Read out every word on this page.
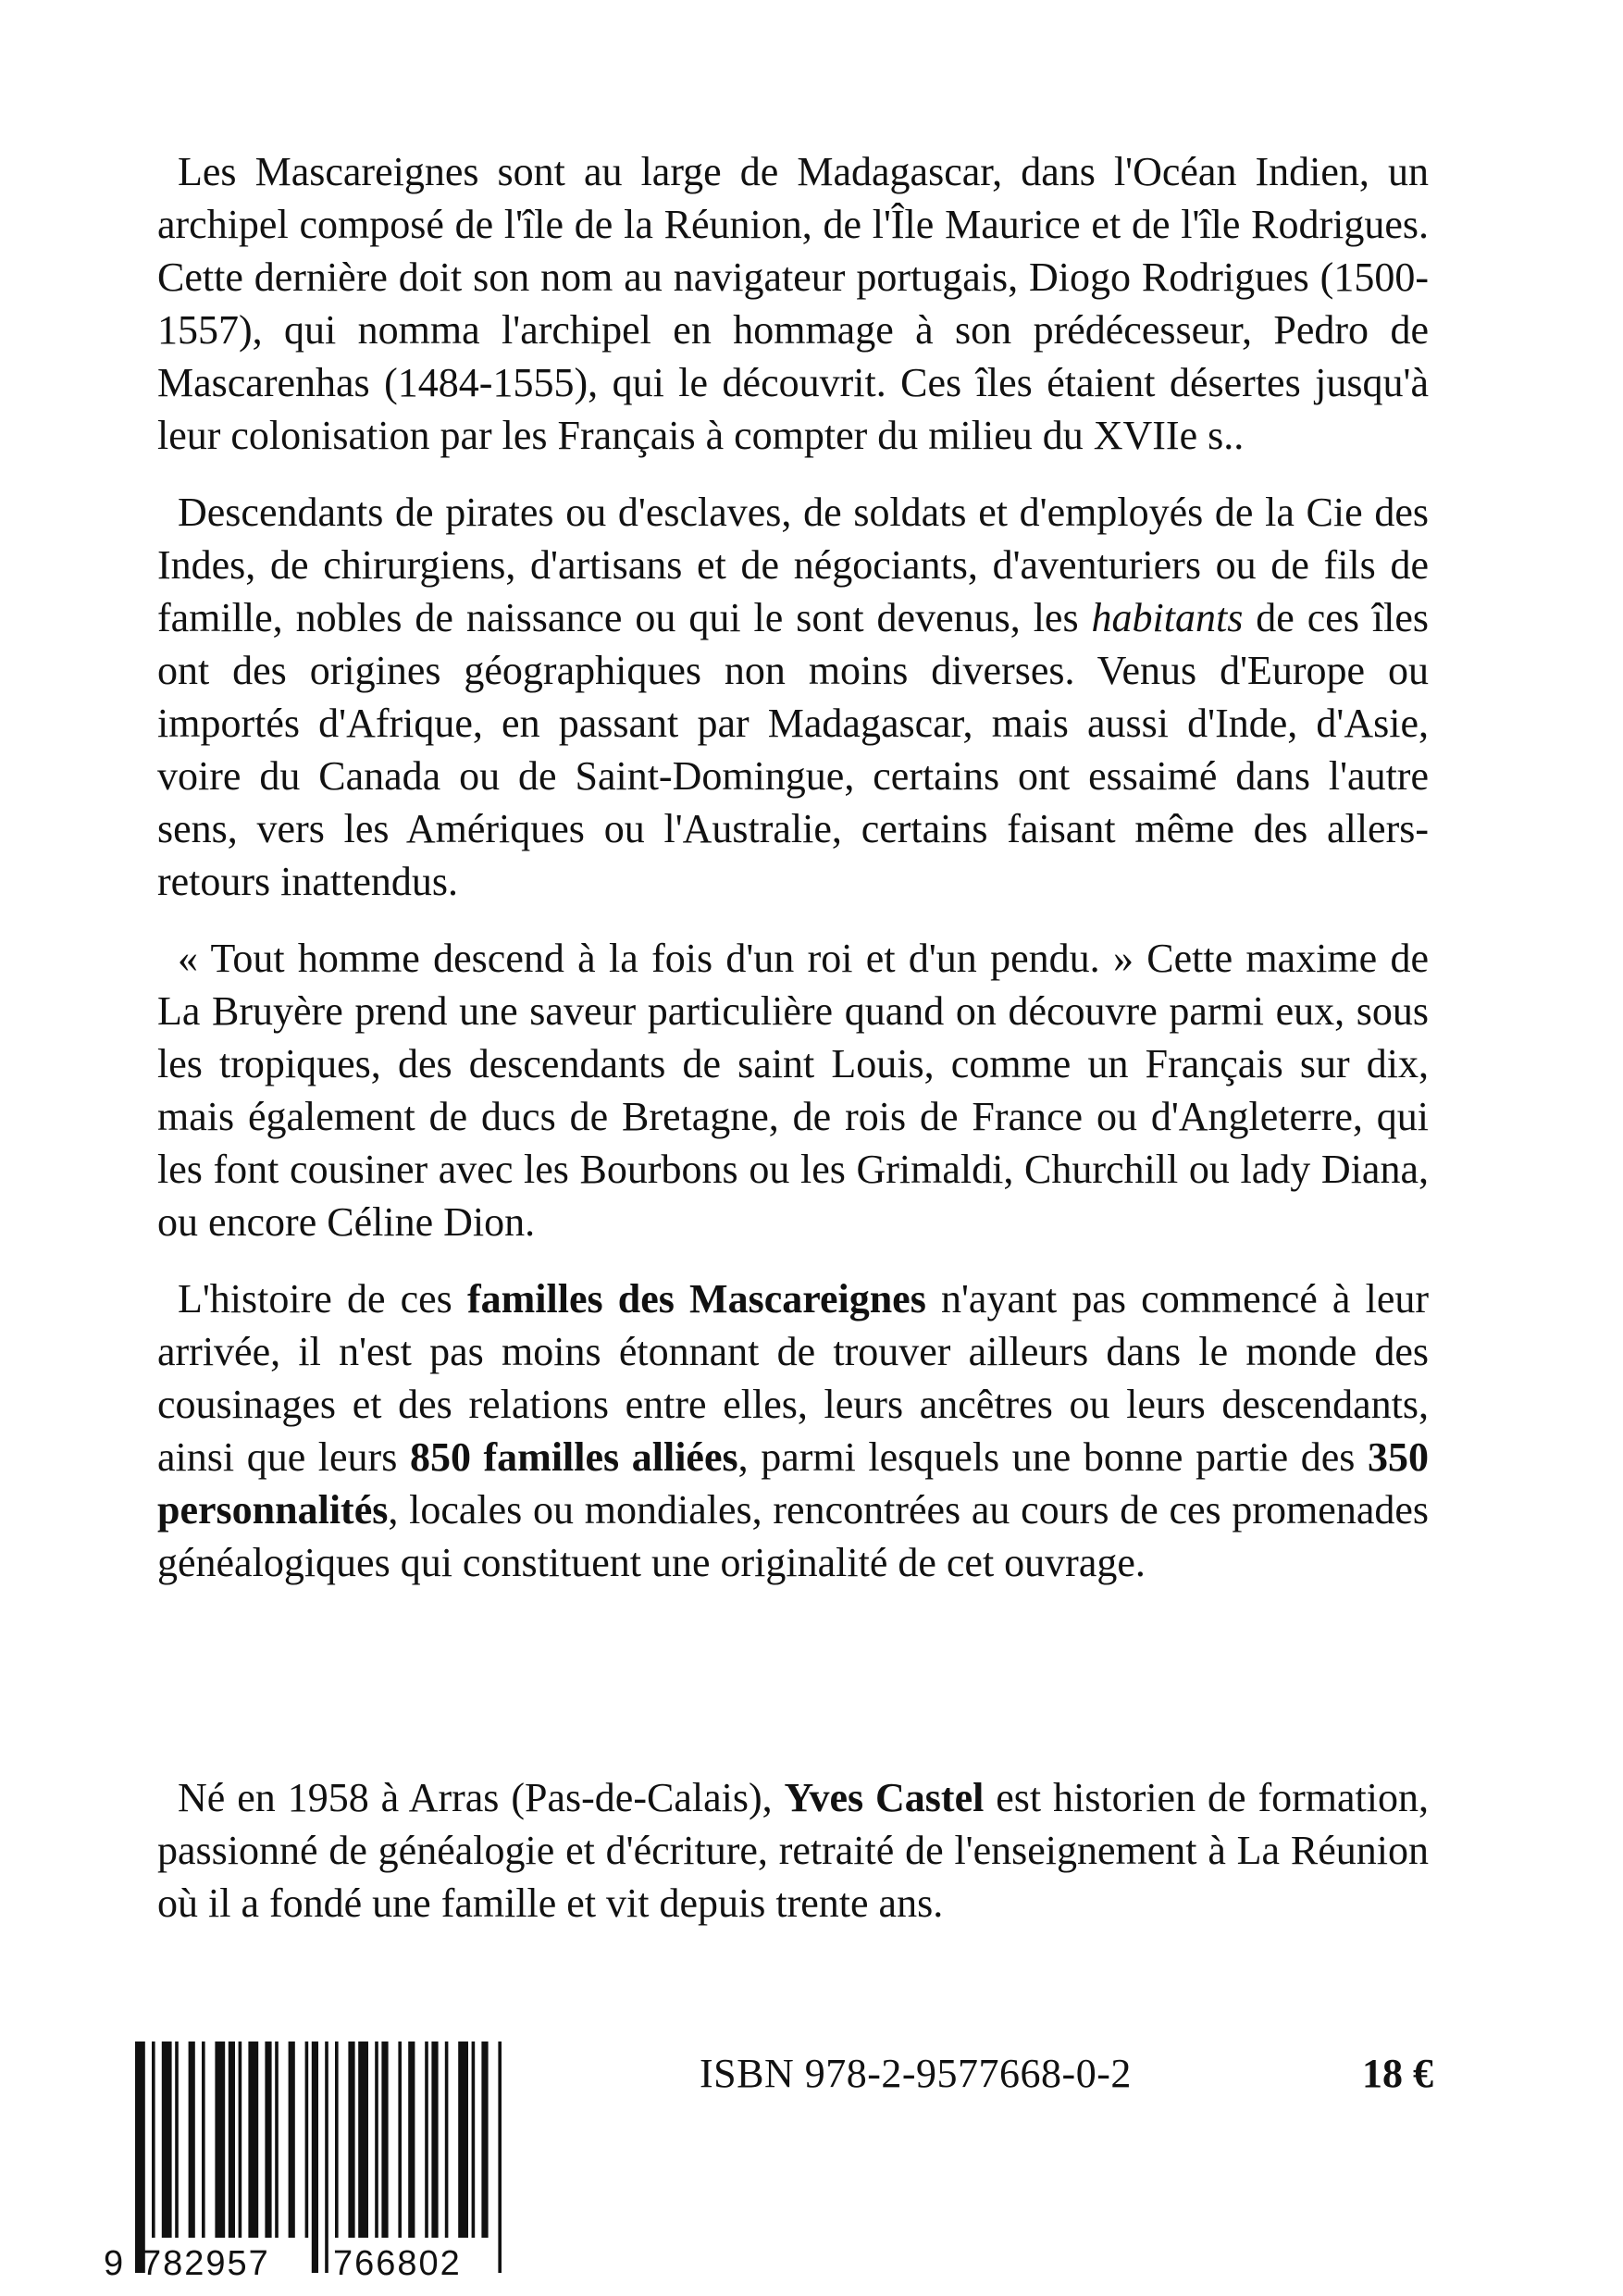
Les Mascareignes sont au large de Madagascar, dans l'Océan Indien, un archipel composé de l'île de la Réunion, de l'Île Maurice et de l'île Rodrigues. Cette dernière doit son nom au navigateur portugais, Diogo Rodrigues (1500-1557), qui nomma l'archipel en hommage à son prédécesseur, Pedro de Mascarenhas (1484-1555), qui le découvrit. Ces îles étaient désertes jusqu'à leur colonisation par les Français à compter du milieu du XVIIe s..

Descendants de pirates ou d'esclaves, de soldats et d'employés de la Cie des Indes, de chirurgiens, d'artisans et de négociants, d'aventuriers ou de fils de famille, nobles de naissance ou qui le sont devenus, les habitants de ces îles ont des origines géographiques non moins diverses. Venus d'Europe ou importés d'Afrique, en passant par Madagascar, mais aussi d'Inde, d'Asie, voire du Canada ou de Saint-Domingue, certains ont essaimé dans l'autre sens, vers les Amériques ou l'Australie, certains faisant même des allers-retours inattendus.

« Tout homme descend à la fois d'un roi et d'un pendu. » Cette maxime de La Bruyère prend une saveur particulière quand on découvre parmi eux, sous les tropiques, des descendants de saint Louis, comme un Français sur dix, mais également de ducs de Bretagne, de rois de France ou d'Angleterre, qui les font cousiner avec les Bourbons ou les Grimaldi, Churchill ou lady Diana, ou encore Céline Dion.

L'histoire de ces familles des Mascareignes n'ayant pas commencé à leur arrivée, il n'est pas moins étonnant de trouver ailleurs dans le monde des cousinages et des relations entre elles, leurs ancêtres ou leurs descendants, ainsi que leurs 850 familles alliées, parmi lesquels une bonne partie des 350 personnalités, locales ou mondiales, rencontrées au cours de ces promenades généalogiques qui constituent une originalité de cet ouvrage.

Né en 1958 à Arras (Pas-de-Calais), Yves Castel est historien de formation, passionné de généalogie et d'écriture, retraité de l'enseignement à La Réunion où il a fondé une famille et vit depuis trente ans.

9 782957 766802
ISBN 978-2-9577668-0-2	18 €
